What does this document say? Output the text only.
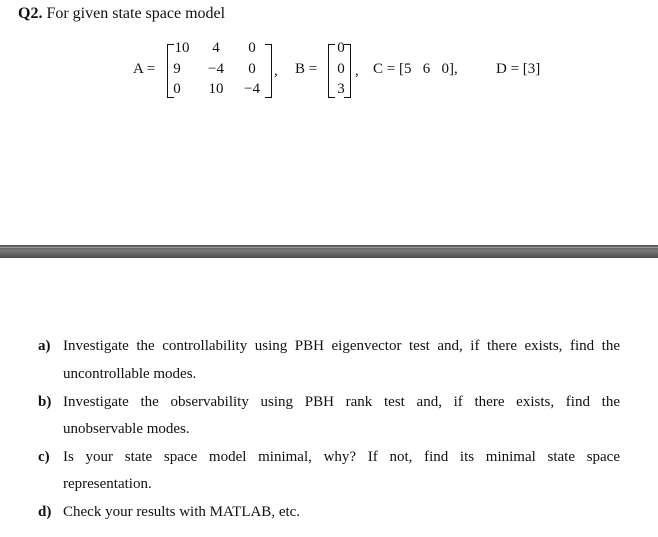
Q2. For given state space model
A =
10	4	0
9	−4	0
0	10	−4
, B =
0
0
3
, C = [5   6   0],	D = [3]
a) Investigate the controllability using PBH eigenvector test and, if there exists, find the
uncontrollable modes.
b) Investigate the observability using PBH rank test and, if there exists, find the
unobservable modes.
c) Is your state space model minimal, why? If not, find its minimal state space
representation.
d) Check your results with MATLAB, etc.
